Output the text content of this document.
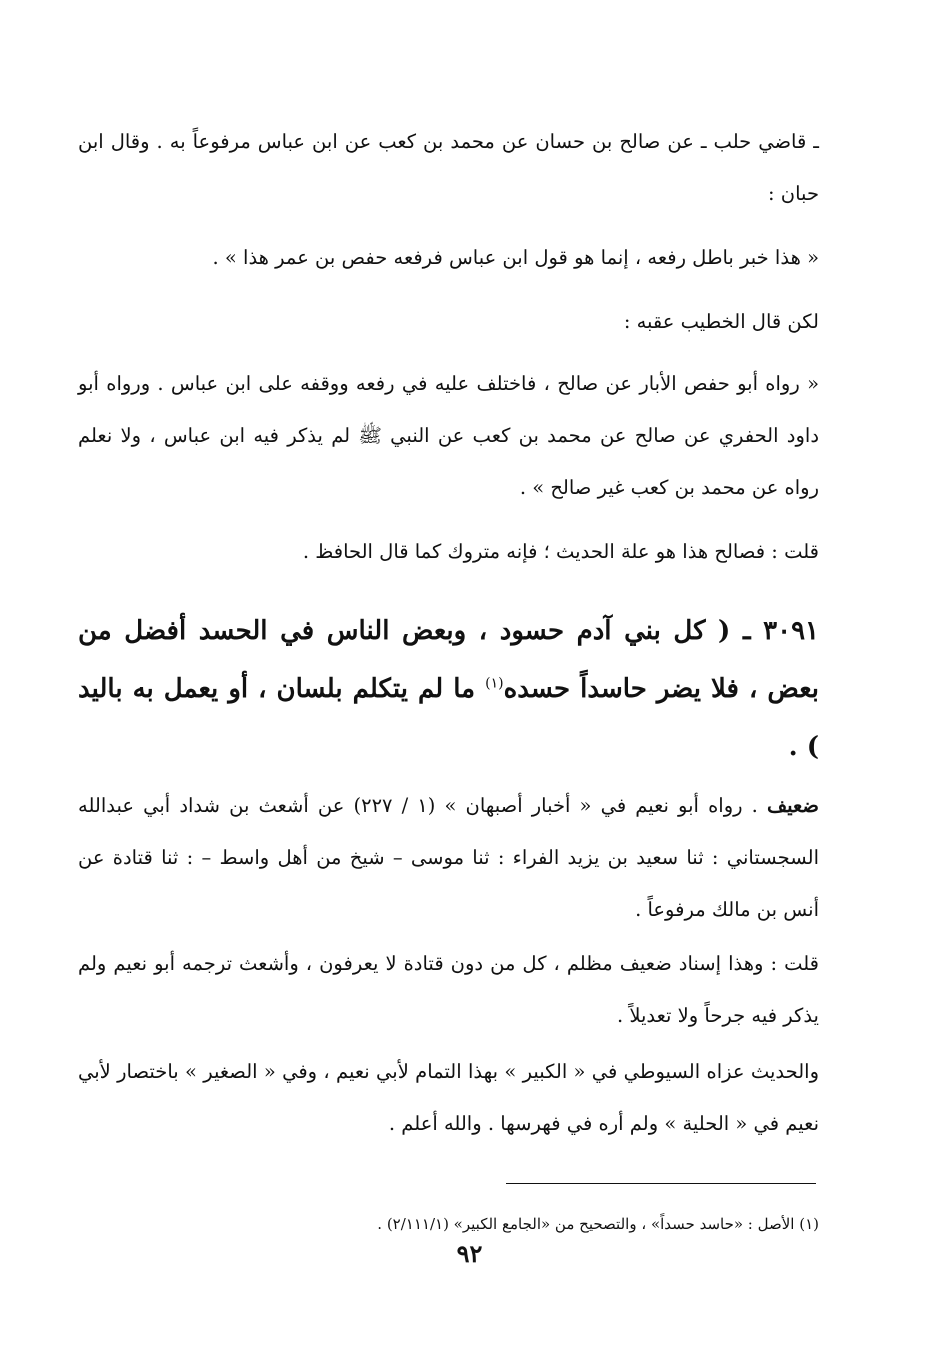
ـ قاضي حلب ـ عن صالح بن حسان عن محمد بن كعب عن ابن عباس مرفوعاً به . وقال ابن حبان :

« هذا خبر باطل رفعه ، إنما هو قول ابن عباس فرفعه حفص بن عمر هذا » .

لكن قال الخطيب عقبه :

« رواه أبو حفص الأبار عن صالح ، فاختلف عليه في رفعه ووقفه على ابن عباس . ورواه أبو داود الحفري عن صالح عن محمد بن كعب عن النبي ﷺ لم يذكر فيه ابن عباس ، ولا نعلم رواه عن محمد بن كعب غير صالح » .

قلت : فصالح هذا هو علة الحديث ؛ فإنه متروك كما قال الحافظ .

٣٠٩١ ـ ( كل بني آدم حسود ، وبعض الناس في الحسد أفضل من بعض ، فلا يضر حاسداً حسده$^{(١)}$ ما لم يتكلم بلسان ، أو يعمل به باليد ) .

ضعيف . رواه أبو نعيم في « أخبار أصبهان » (١ / ٢٢٧) عن أشعث بن شداد أبي عبدالله السجستاني : ثنا سعيد بن يزيد الفراء : ثنا موسى – شيخ من أهل واسط – : ثنا قتادة عن أنس بن مالك مرفوعاً .

قلت : وهذا إسناد ضعيف مظلم ، كل من دون قتادة لا يعرفون ، وأشعث ترجمه أبو نعيم ولم يذكر فيه جرحاً ولا تعديلاً .

والحديث عزاه السيوطي في « الكبير » بهذا التمام لأبي نعيم ، وفي « الصغير » باختصار لأبي نعيم في « الحلية » ولم أره في فهرسها . والله أعلم .

(١) الأصل : «حاسد حسداً» ، والتصحيح من «الجامع الكبير» (٢/١١١/١) .

٩٢
